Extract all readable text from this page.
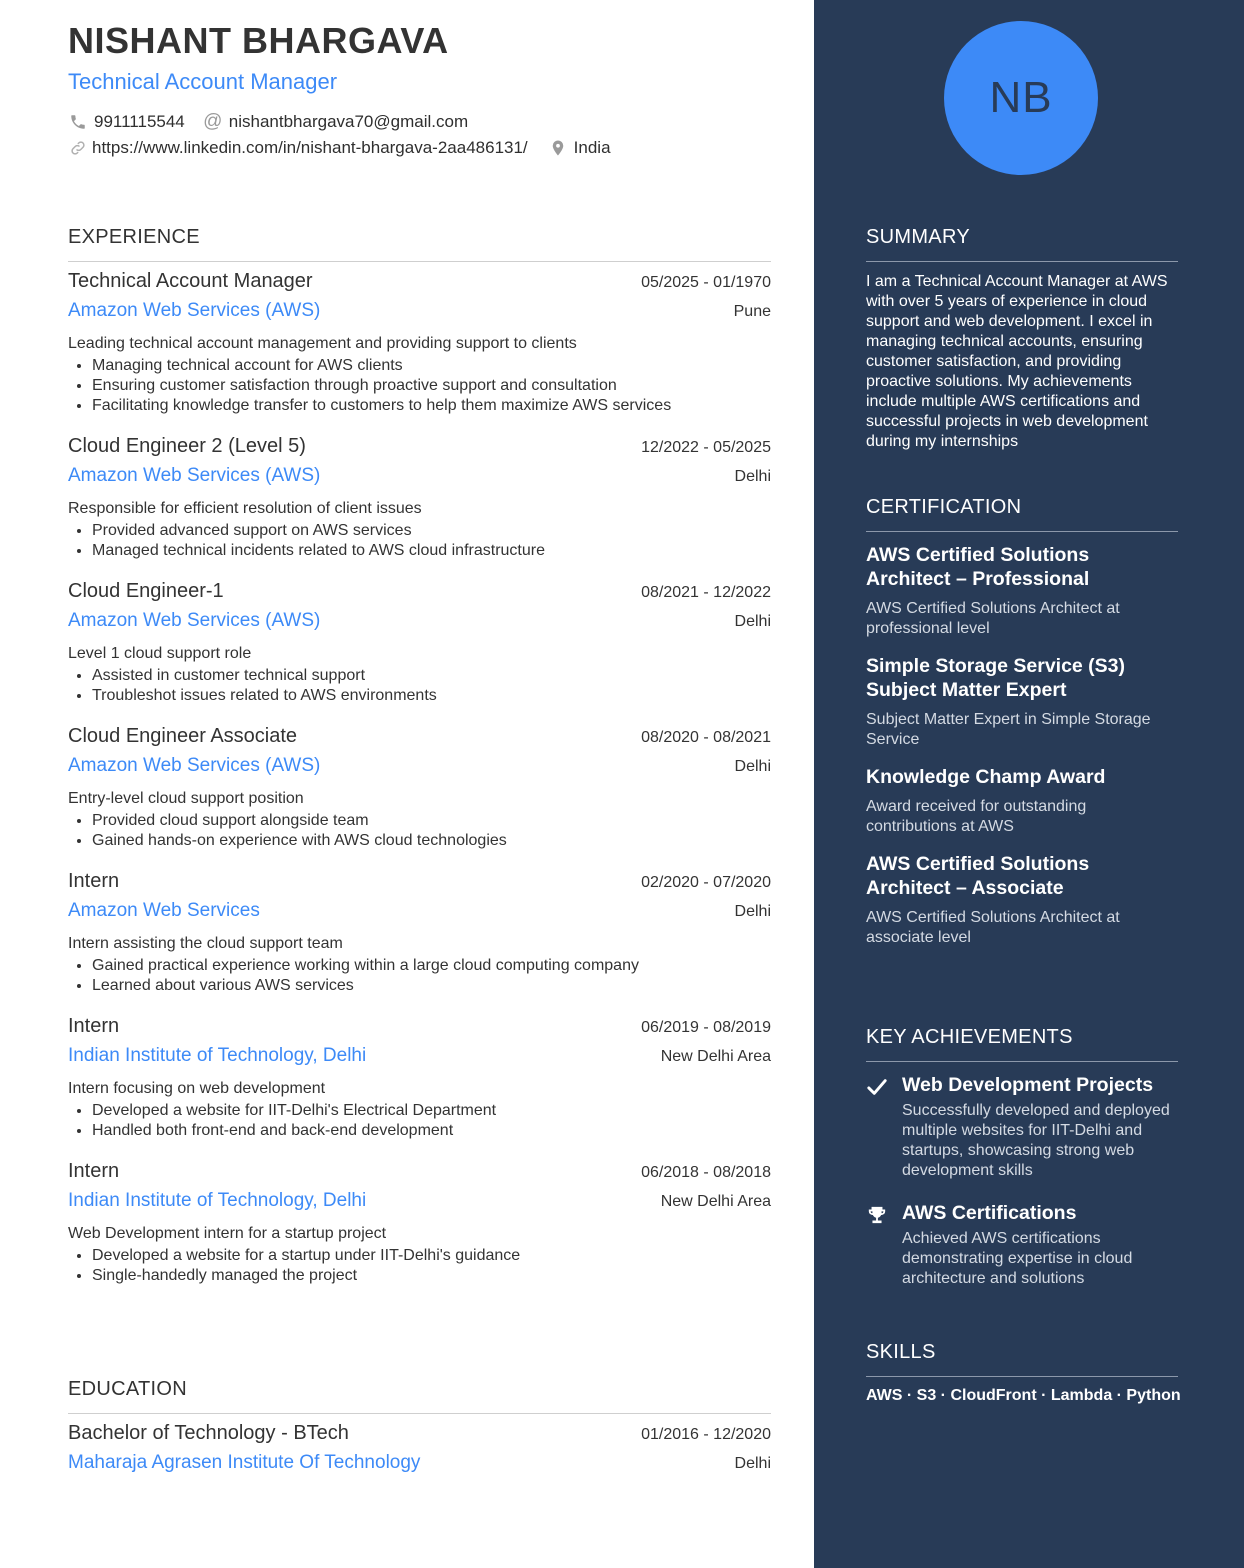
NISHANT BHARGAVA
Technical Account Manager
9911115544 @ nishantbhargava70@gmail.com
https://www.linkedin.com/in/nishant-bhargava-2aa486131/	India
EXPERIENCE
Technical Account Manager	05/2025 - 01/1970
Amazon Web Services (AWS)	Pune
Leading technical account management and providing support to clients
• Managing technical account for AWS clients
• Ensuring customer satisfaction through proactive support and consultation
• Facilitating knowledge transfer to customers to help them maximize AWS services
Cloud Engineer 2 (Level 5)	12/2022 - 05/2025
Amazon Web Services (AWS)	Delhi
Responsible for efficient resolution of client issues
• Provided advanced support on AWS services
• Managed technical incidents related to AWS cloud infrastructure
Cloud Engineer-1	08/2021 - 12/2022
Amazon Web Services (AWS)	Delhi
Level 1 cloud support role
• Assisted in customer technical support
• Troubleshot issues related to AWS environments
Cloud Engineer Associate	08/2020 - 08/2021
Amazon Web Services (AWS)	Delhi
Entry-level cloud support position
• Provided cloud support alongside team
• Gained hands-on experience with AWS cloud technologies
Intern	02/2020 - 07/2020
Amazon Web Services	Delhi
Intern assisting the cloud support team
• Gained practical experience working within a large cloud computing company
• Learned about various AWS services
Intern	06/2019 - 08/2019
Indian Institute of Technology, Delhi	New Delhi Area
Intern focusing on web development
• Developed a website for IIT-Delhi's Electrical Department
• Handled both front-end and back-end development
Intern	06/2018 - 08/2018
Indian Institute of Technology, Delhi	New Delhi Area
Web Development intern for a startup project
• Developed a website for a startup under IIT-Delhi's guidance
• Single-handedly managed the project
EDUCATION
Bachelor of Technology - BTech	01/2016 - 12/2020
Maharaja Agrasen Institute Of Technology	Delhi
NB
SUMMARY
I am a Technical Account Manager at AWS with over 5 years of experience in cloud support and web development. I excel in managing technical accounts, ensuring customer satisfaction, and providing proactive solutions. My achievements include multiple AWS certifications and successful projects in web development during my internships
CERTIFICATION
AWS Certified Solutions Architect – Professional
AWS Certified Solutions Architect at professional level
Simple Storage Service (S3) Subject Matter Expert
Subject Matter Expert in Simple Storage Service
Knowledge Champ Award
Award received for outstanding contributions at AWS
AWS Certified Solutions Architect – Associate
AWS Certified Solutions Architect at associate level
KEY ACHIEVEMENTS
Web Development Projects
Successfully developed and deployed multiple websites for IIT-Delhi and startups, showcasing strong web development skills
AWS Certifications
Achieved AWS certifications demonstrating expertise in cloud architecture and solutions
SKILLS
AWS · S3 · CloudFront · Lambda · Python
